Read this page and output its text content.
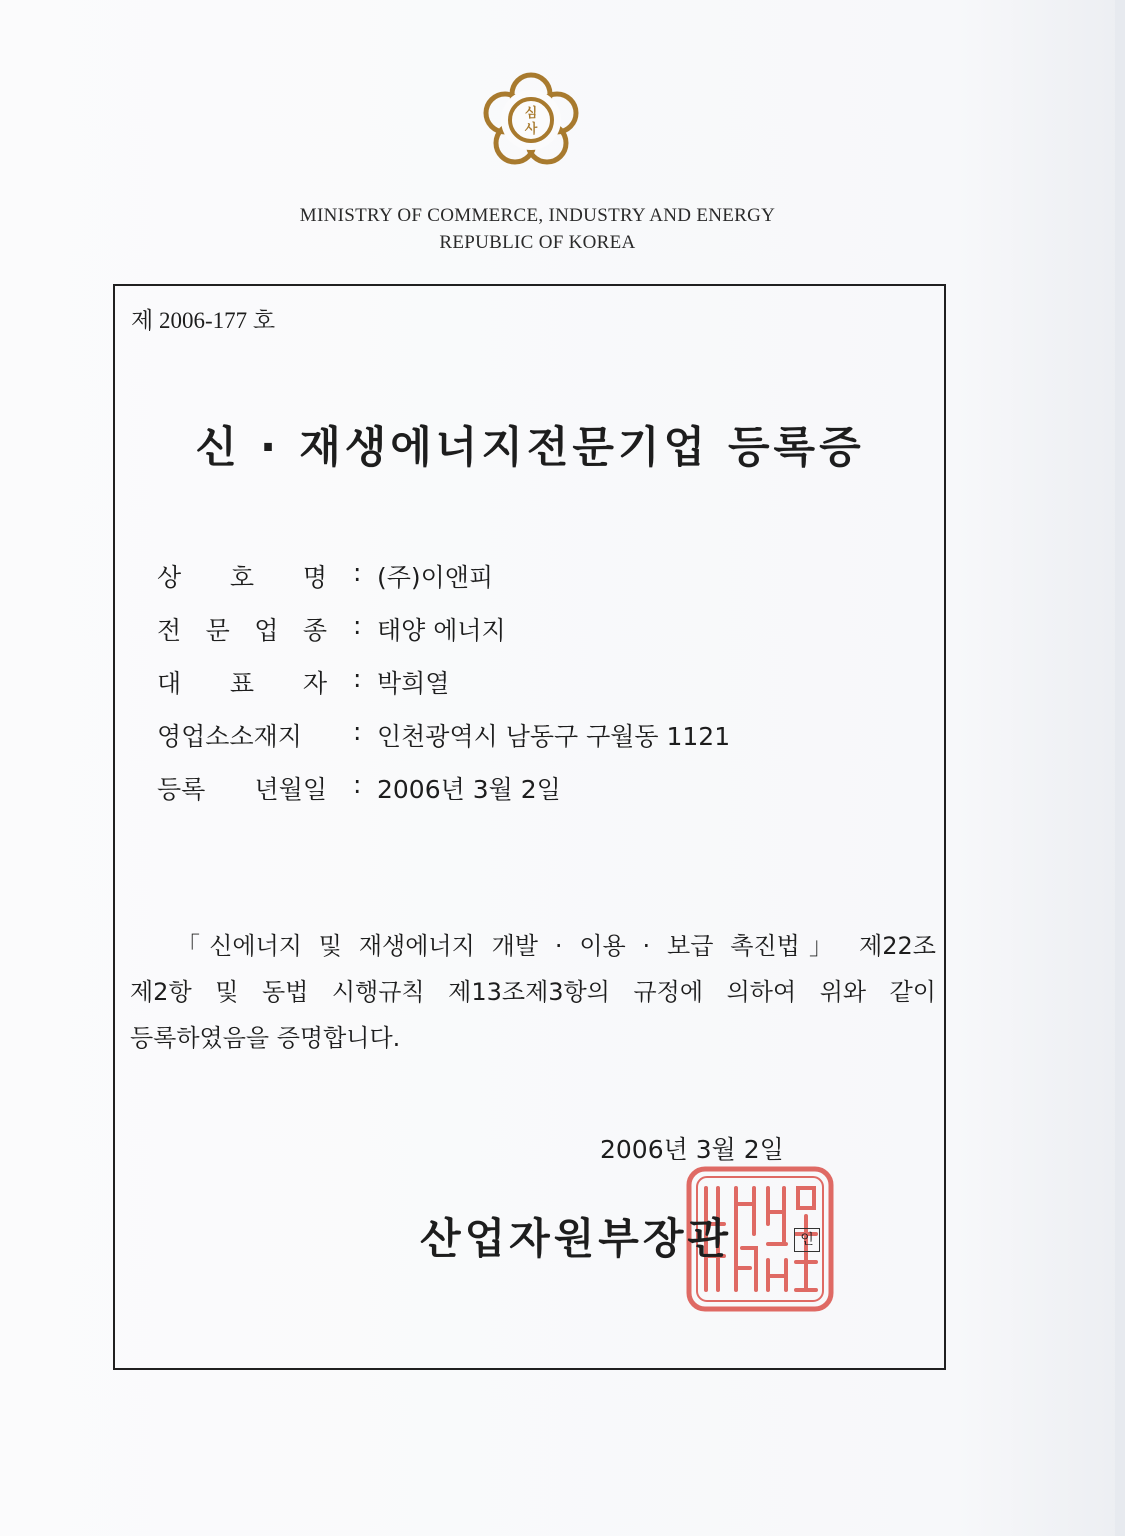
심
사
MINISTRY OF COMMERCE, INDUSTRY AND ENERGY
REPUBLIC OF KOREA
제 2006-177 호
신 · 재생에너지전문기업 등록증
상 호 명 : (주)이앤피
전 문 업 종 : 태양 에너지
대 표 자 : 박희열
영업소소재지 : 인천광역시 남동구 구월동 1121
등록 년월일 : 2006년 3월 2일
「신에너지 및 재생에너지 개발 · 이용 · 보급 촉진법」 제22조
제2항 및 동법 시행규칙 제13조제3항의 규정에 의하여 위와 같이
등록하였음을 증명합니다.
2006년 3월 2일
산업자원부장관	인
